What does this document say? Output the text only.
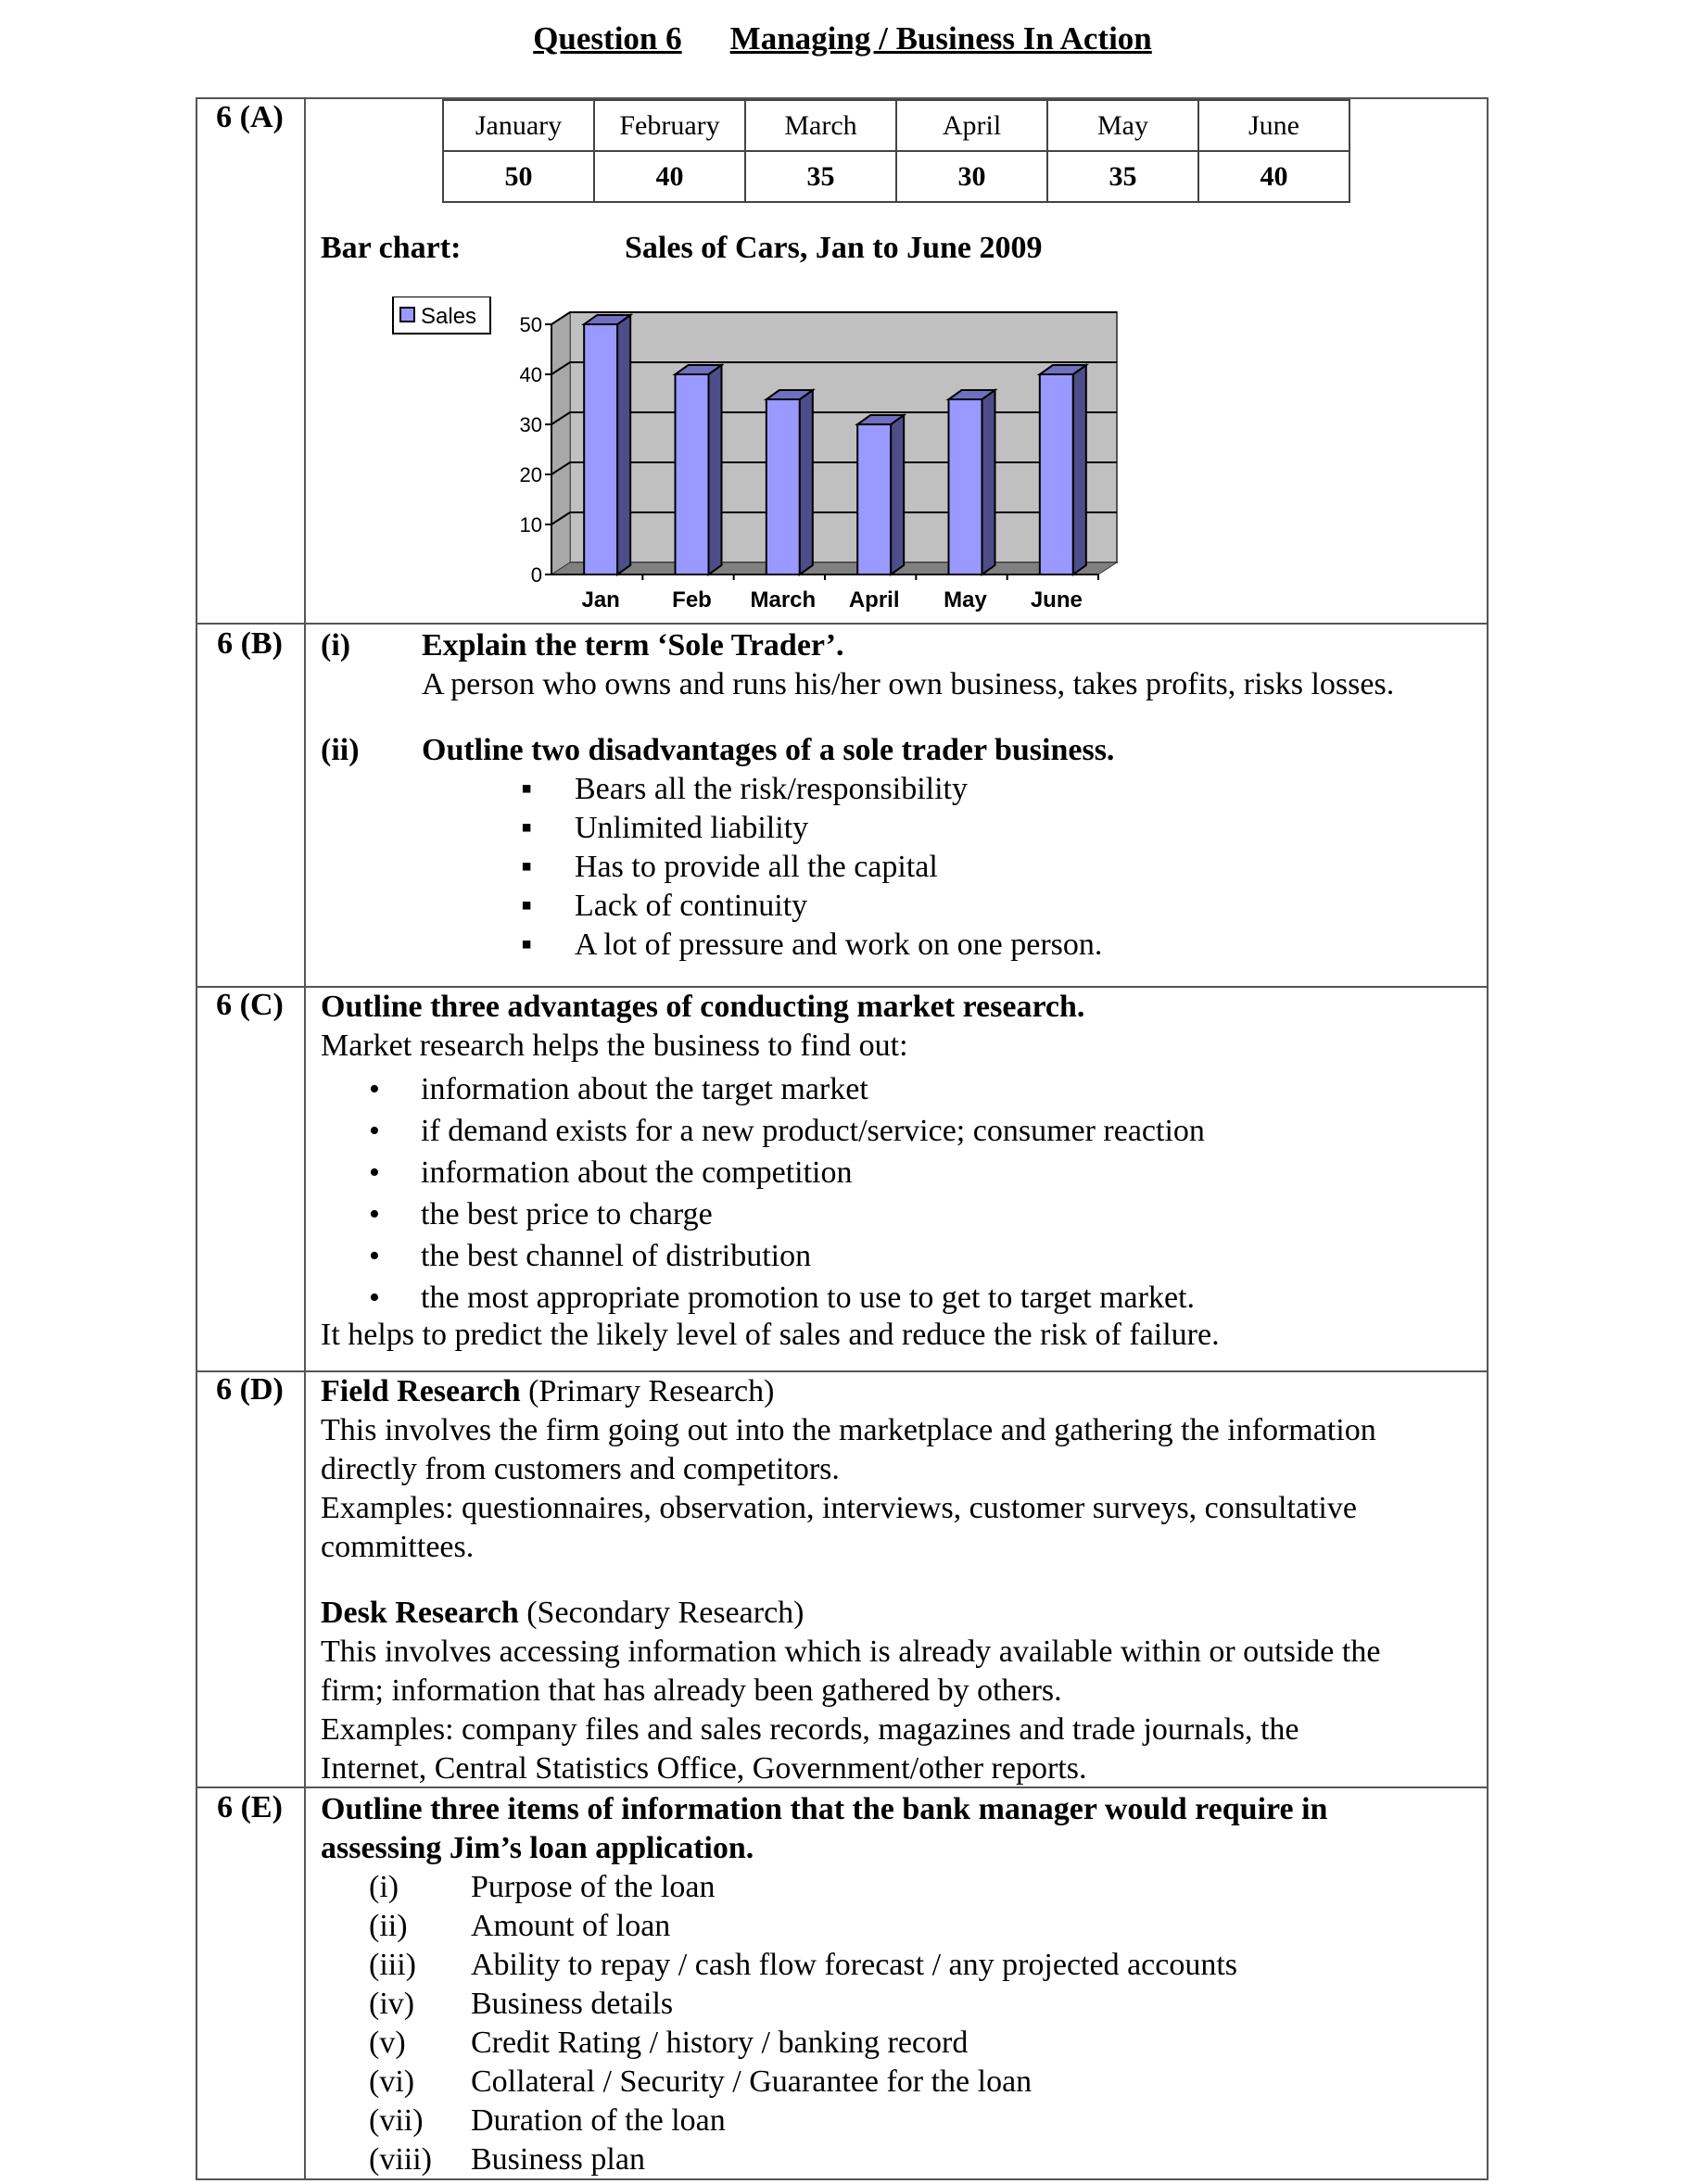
Question 6 Managing / Business In Action
6 (A)	January	February	March	April	May	June
50	40	35	30	35	40
Bar chart:	Sales of Cars, Jan to June 2009
Sales
0
10
20
30
40
50
Jan Feb March April May June
6 (B)	(i) Explain the term ‘Sole Trader’.
A person who owns and runs his/her own business, takes profits, risks losses.
(ii) Outline two disadvantages of a sole trader business.
▪ Bears all the risk/responsibility
▪ Unlimited liability
▪ Has to provide all the capital
▪ Lack of continuity
▪ A lot of pressure and work on one person.
6 (C)	Outline three advantages of conducting market research.
Market research helps the business to find out:
• information about the target market
• if demand exists for a new product/service; consumer reaction
• information about the competition
• the best price to charge
• the best channel of distribution
• the most appropriate promotion to use to get to target market.
It helps to predict the likely level of sales and reduce the risk of failure.
6 (D)	Field Research (Primary Research)
This involves the firm going out into the marketplace and gathering the information
directly from customers and competitors.
Examples: questionnaires, observation, interviews, customer surveys, consultative
committees.
Desk Research (Secondary Research)
This involves accessing information which is already available within or outside the
firm; information that has already been gathered by others.
Examples: company files and sales records, magazines and trade journals, the
Internet, Central Statistics Office, Government/other reports.
6 (E)	Outline three items of information that the bank manager would require in
assessing Jim’s loan application.
(i) Purpose of the loan
(ii) Amount of loan
(iii) Ability to repay / cash flow forecast / any projected accounts
(iv) Business details
(v) Credit Rating / history / banking record
(vi) Collateral / Security / Guarantee for the loan
(vii) Duration of the loan
(viii) Business plan
